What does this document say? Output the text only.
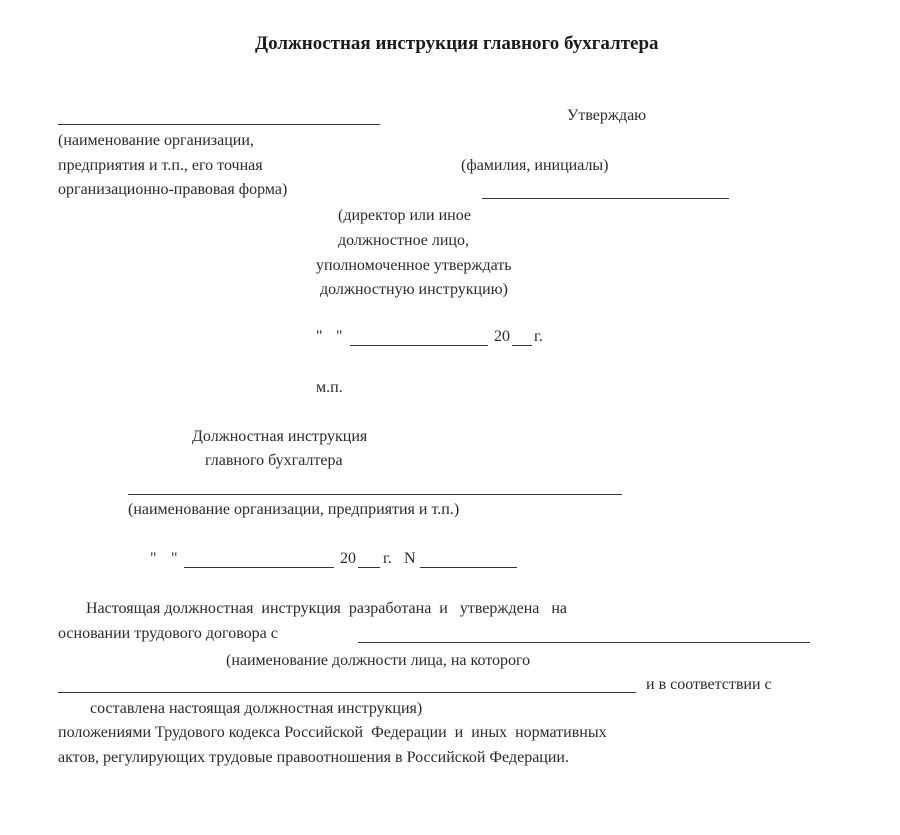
Должностная инструкция главного бухгалтера
Утверждаю
(наименование организации,
предприятия и т.п., его точная
организационно-правовая форма)
(фамилия, инициалы)
(директор или иное
должностное лицо,
уполномоченное утверждать
должностную инструкцию)
" "	20 г.
м.п.
Должностная инструкция
главного бухгалтера
(наименование организации, предприятия и т.п.)
" "	20 г. N
Настоящая должностная  инструкция  разработана  и   утверждена   на
основании трудового договора с
(наименование должности лица, на которого
и в соответствии с
составлена настоящая должностная инструкция)
положениями Трудового кодекса Российской  Федерации  и  иных  нормативных
актов, регулирующих трудовые правоотношения в Российской Федерации.
